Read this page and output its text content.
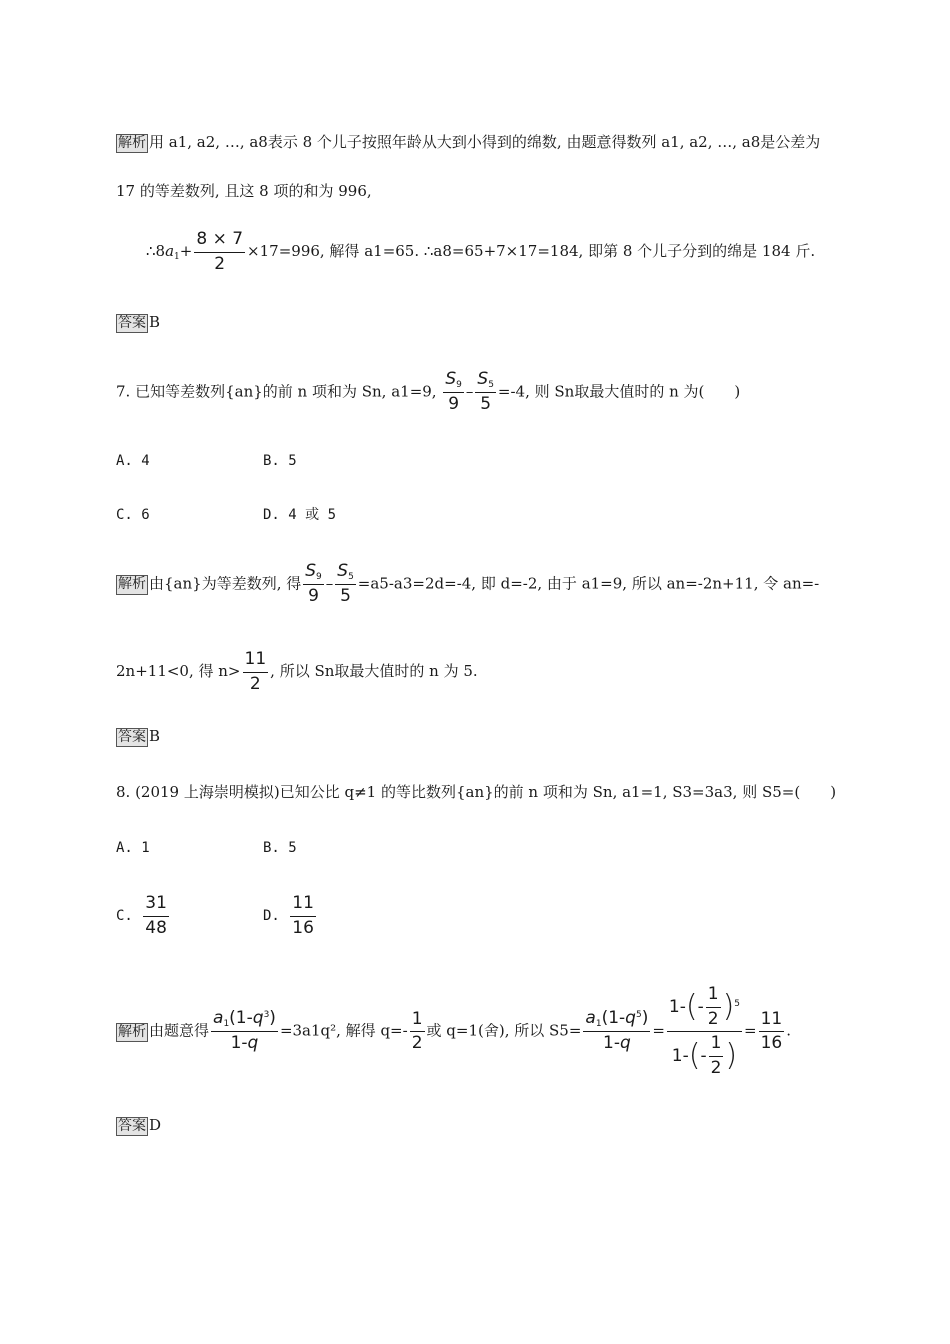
解析 用 a1, a2, …, a8表示 8 个儿子按照年龄从大到小得到的绵数, 由题意得数列 a1, a2, …, a8是公差为
17 的等差数列, 且这 8 项的和为 996,
$\therefore 8a_1+ \frac{8 \times 7}{2} \times 17=996$, 解得 a1=65. ∴a8=65+7×17=184, 即第 8 个儿子分到的绵是 184 斤.
答案 B
7. 已知等差数列{an}的前 n 项和为 Sn, a1=9, $\frac{S_9}{9} - \frac{S_5}{5} =-4$, 则 Sn取最大值时的 n 为(　　)
A. 4	B. 5
C. 6	D. 4 或 5
解析 由{an}为等差数列, 得 $\frac{S_9}{9} - \frac{S_5}{5} =a5-a3=2d=-4$, 即 d=-2, 由于 a1=9, 所以 an=-2n+11, 令 an=-
2n+11<0, 得 $n> \frac{11}{2}$ , 所以 Sn取最大值时的 n 为 5.
答案 B
8. (2019 上海崇明模拟)已知公比 q≠1 的等比数列{an}的前 n 项和为 Sn, a1=1, S3=3a3, 则 S5=(　　)
A. 1	B. 5
C. $\frac{31}{48}$	D. $\frac{11}{16}$
解析 由题意得 $\frac{a_1(1-q^3)}{1-q} =3a1q^2$, 解得 $q=- \frac{1}{2}$ 或 q=1(舍), 所以 $S5= \frac{a_1(1-q^5)}{1-q} = \frac{1-(- \frac{1}{2} )^5}{1-(- \frac{1}{2} )} = \frac{11}{16}$ .
答案 D
